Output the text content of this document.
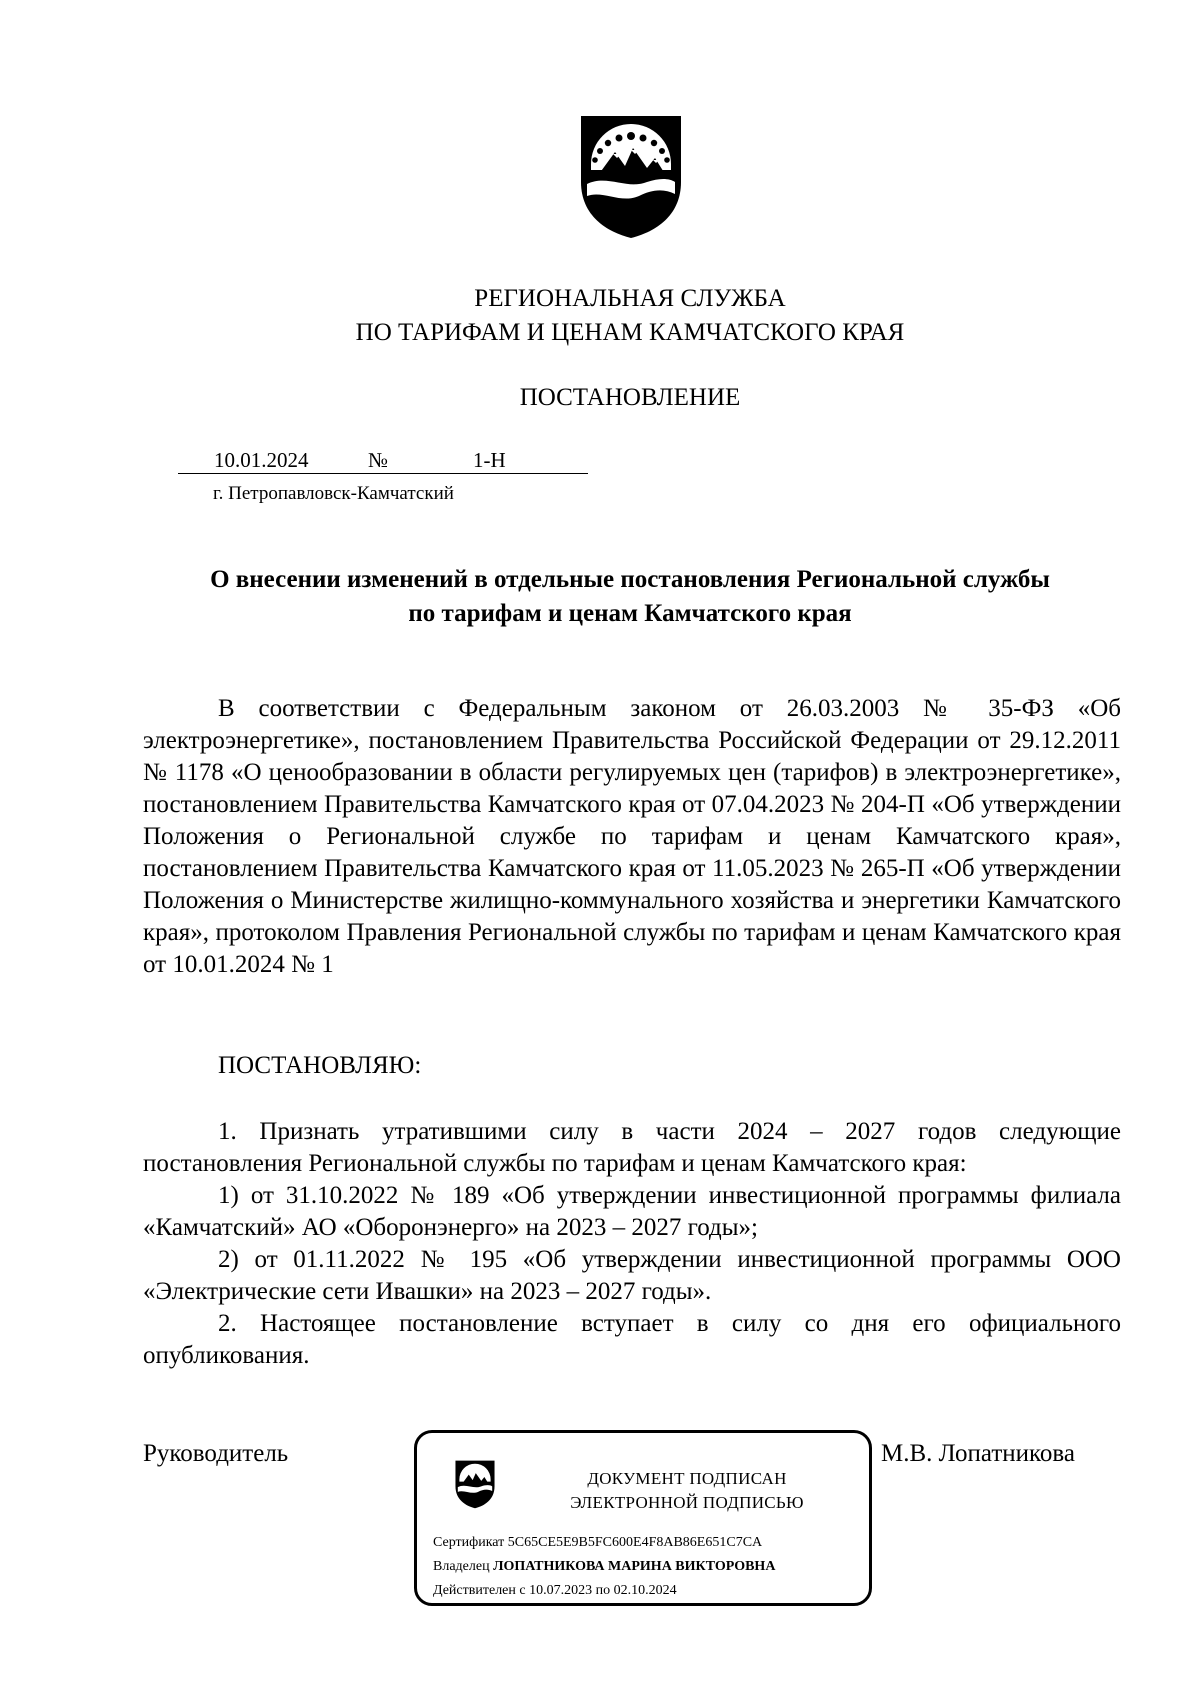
РЕГИОНАЛЬНАЯ СЛУЖБА
ПО ТАРИФАМ И ЦЕНАМ КАМЧАТСКОГО КРАЯ
ПОСТАНОВЛЕНИЕ
10.01.2024	№	1-Н
г. Петропавловск-Камчатский
О внесении изменений в отдельные постановления Региональной службы
по тарифам и ценам Камчатского края
В соответствии с Федеральным законом от 26.03.2003 № 35-ФЗ «Об электроэнергетике», постановлением Правительства Российской Федерации от 29.12.2011 № 1178 «О ценообразовании в области регулируемых цен (тарифов) в электроэнергетике», постановлением Правительства Камчатского края от 07.04.2023 № 204-П «Об утверждении Положения о Региональной службе по тарифам и ценам Камчатского края», постановлением Правительства Камчатского края от 11.05.2023 № 265-П «Об утверждении Положения о Министерстве жилищно-коммунального хозяйства и энергетики Камчатского края», протоколом Правления Региональной службы по тарифам и ценам Камчатского края от 10.01.2024 № 1
ПОСТАНОВЛЯЮ:

1. Признать утратившими силу в части 2024 – 2027 годов следующие постановления Региональной службы по тарифам и ценам Камчатского края:

1) от 31.10.2022 № 189 «Об утверждении инвестиционной программы филиала «Камчатский» АО «Оборонэнерго» на 2023 – 2027 годы»;

2) от 01.11.2022 № 195 «Об утверждении инвестиционной программы ООО «Электрические сети Ивашки» на 2023 – 2027 годы».

2. Настоящее постановление вступает в силу со дня его официального опубликования.

Руководитель	М.В. Лопатникова
ДОКУМЕНТ ПОДПИСАН
ЭЛЕКТРОННОЙ ПОДПИСЬЮ
Сертификат 5C65CE5E9B5FC600E4F8AB86E651C7CA
Владелец ЛОПАТНИКОВА МАРИНА ВИКТОРОВНА
Действителен с 10.07.2023 по 02.10.2024
